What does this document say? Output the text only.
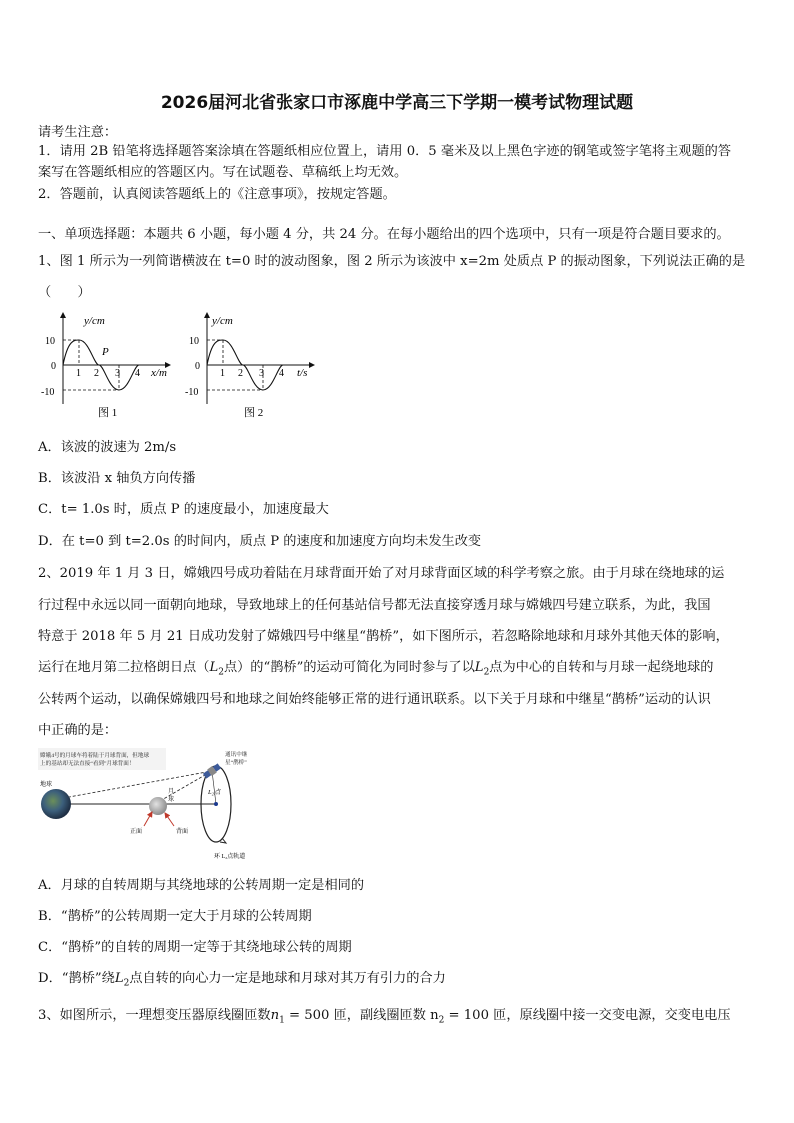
2026届河北省张家口市涿鹿中学高三下学期一模考试物理试题
请考生注意：
1．请用 2B 铅笔将选择题答案涂填在答题纸相应位置上，请用 0．5 毫米及以上黑色字迹的钢笔或签字笔将主观题的答
案写在答题纸相应的答题区内。写在试题卷、草稿纸上均无效。
2．答题前，认真阅读答题纸上的《注意事项》，按规定答题。
一、单项选择题：本题共 6 小题，每小题 4 分，共 24 分。在每小题给出的四个选项中，只有一项是符合题目要求的。
1、图 1 所示为一列简谐横波在 t=0 时的波动图象，图 2 所示为该波中 x=2m 处质点 P 的振动图象，下列说法正确的是
（　　）
y/cm
x/m
10
0
-10
1 2 3 4
P
图 1
y/cm
t/s
10
0
-10
1 2 3 4
图 2
A．该波的波速为 2m/s
B．该波沿 x 轴负方向传播
C．t= 1.0s 时，质点 P 的速度最小，加速度最大
D．在 t=0 到 t=2.0s 的时间内，质点 P 的速度和加速度方向均未发生改变
2、2019 年 1 月 3 日，嫦娥四号成功着陆在月球背面开始了对月球背面区域的科学考察之旅。由于月球在绕地球的运
行过程中永远以同一面朝向地球，导致地球上的任何基站信号都无法直接穿透月球与嫦娥四号建立联系，为此，我国
特意于 2018 年 5 月 21 日成功发射了嫦娥四号中继星“鹊桥”，如下图所示，若忽略除地球和月球外其他天体的影响，
运行在地月第二拉格朗日点（$L_2$点）的“鹊桥”的运动可简化为同时参与了以$L_2$点为中心的自转和与月球一起绕地球的
公转两个运动，以确保嫦娥四号和地球之间始终能够正常的进行通讯联系。以下关于月球和中继星“鹊桥”运动的认识
中正确的是：
嫦娥4号的月球车将着陆于月球背面，但地球
上的基站却无法直接“看到”月球背面！
通讯中继
星“鹊桥”
地球
月
球
正面	背面
L₂点
环 L₂点轨道
A．月球的自转周期与其绕地球的公转周期一定是相同的
B．“鹊桥”的公转周期一定大于月球的公转周期
C．“鹊桥”的自转的周期一定等于其绕地球公转的周期
D．“鹊桥”绕$L_2$点自转的向心力一定是地球和月球对其万有引力的合力
3、如图所示，一理想变压器原线圈匝数$n_1 = 500$ 匝，副线圈匝数 $n_2 = 100$ 匝，原线圈中接一交变电源，交变电电压
